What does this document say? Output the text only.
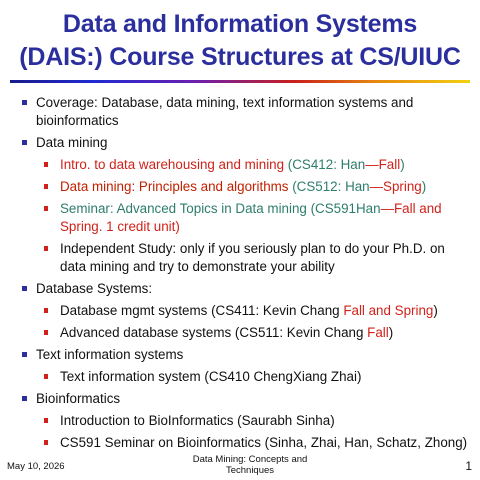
Data and Information Systems
(DAIS:) Course Structures at CS/UIUC
Coverage: Database, data mining, text information systems and bioinformatics
Data mining
Intro. to data warehousing and mining (CS412: Han—Fall)
Data mining: Principles and algorithms (CS512: Han—Spring)
Seminar: Advanced Topics in Data mining (CS591Han—Fall and Spring. 1 credit unit)
Independent Study: only if you seriously plan to do your Ph.D. on data mining and try to demonstrate your ability
Database Systems:
Database mgmt systems (CS411: Kevin Chang Fall and Spring)
Advanced database systems (CS511: Kevin Chang Fall)
Text information systems
Text information system (CS410 ChengXiang Zhai)
Bioinformatics
Introduction to BioInformatics (Saurabh Sinha)
CS591 Seminar on Bioinformatics (Sinha, Zhai, Han, Schatz, Zhong)
May 10, 2026
Data Mining: Concepts and
Techniques	1
